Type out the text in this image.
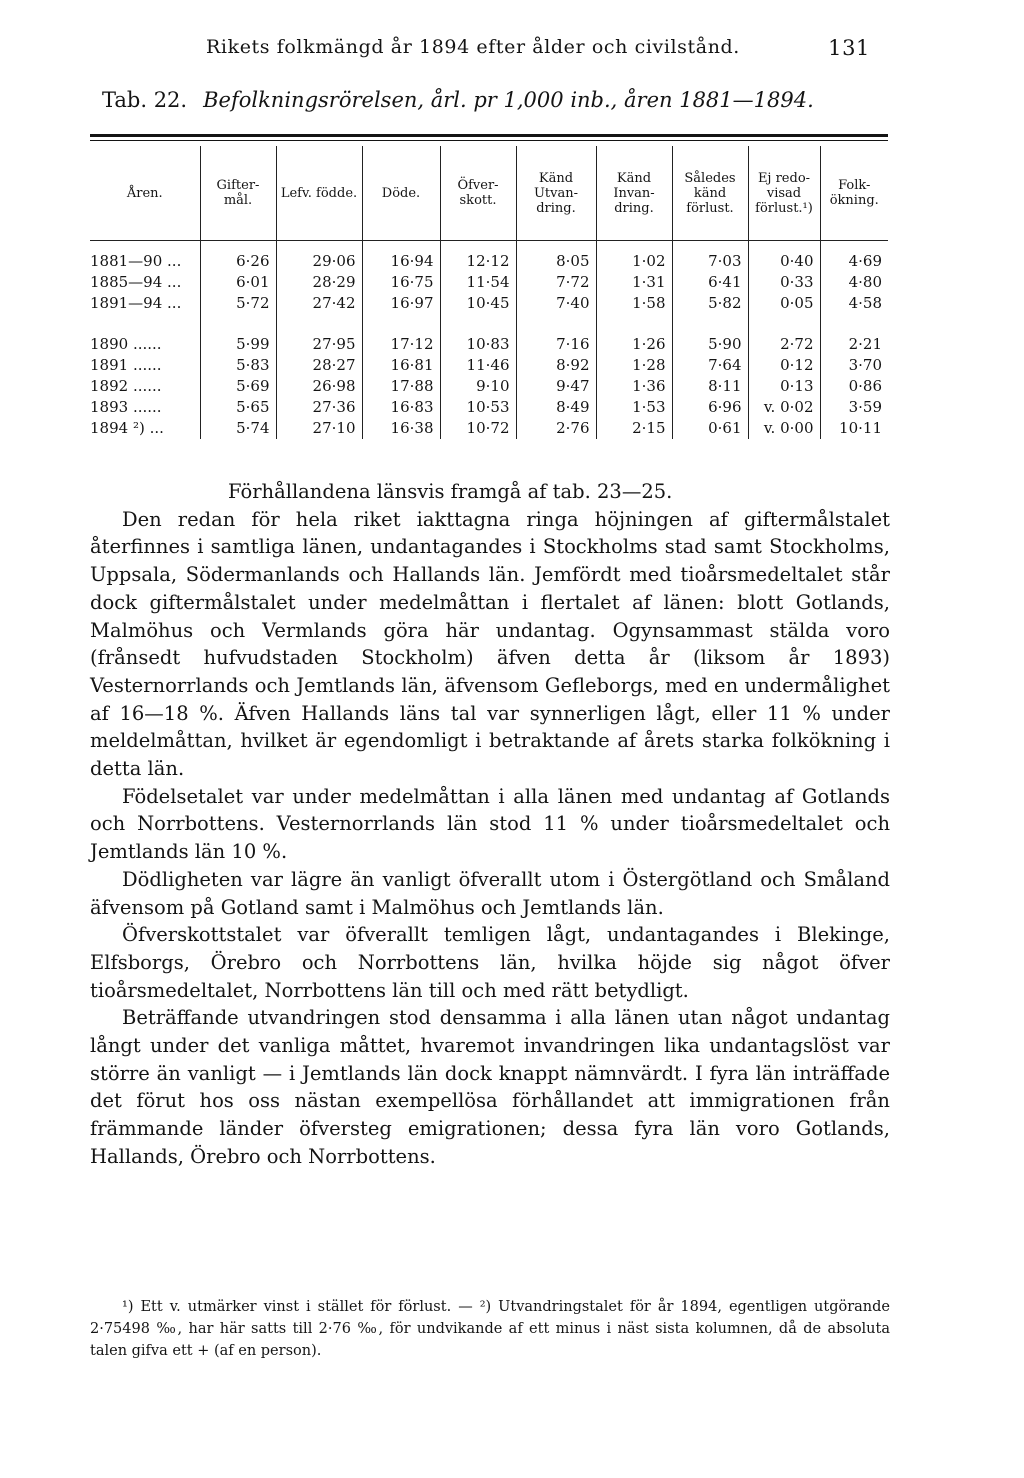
Rikets folkmängd år 1894 efter ålder och civilstånd.	131
Tab. 22. Befolkningsrörelsen, årl. pr 1,000 inb., åren 1881—1894.
Åren.	Gifter-mål.	Lefv. födde.	Döde.	Öfver-skott.	Känd Utvan-dring.	Känd Invan-dring.	Således känd förlust.	Ej redo-visad förlust.¹)	Folk-ökning.

1881—90 ...	6·26	29·06	16·94	12·12	8·05	1·02	7·03	0·40	4·69
1885—94 ...	6·01	28·29	16·75	11·54	7·72	1·31	6·41	0·33	4·80
1891—94 ...	5·72	27·42	16·97	10·45	7·40	1·58	5·82	0·05	4·58

1890 ......	5·99	27·95	17·12	10·83	7·16	1·26	5·90	2·72	2·21
1891 ......	5·83	28·27	16·81	11·46	8·92	1·28	7·64	0·12	3·70
1892 ......	5·69	26·98	17·88	9·10	9·47	1·36	8·11	0·13	0·86
1893 ......	5·65	27·36	16·83	10·53	8·49	1·53	6·96	v. 0·02	3·59
1894 ²) ...	5·74	27·10	16·38	10·72	2·76	2·15	0·61	v. 0·00	10·11

Förhållandena länsvis framgå af tab. 23—25.

Den redan för hela riket iakttagna ringa höjningen af giftermålstalet återfinnes i samtliga länen, undantagandes i Stockholms stad samt Stockholms, Uppsala, Södermanlands och Hallands län. Jemfördt med tioårsmedeltalet står dock giftermålstalet under medelmåttan i flertalet af länen: blott Gotlands, Malmöhus och Vermlands göra här undantag. Ogynsammast stälda voro (frånsedt hufvudstaden Stockholm) äfven detta år (liksom år 1893) Vesternorrlands och Jemtlands län, äfvensom Gefleborgs, med en undermålighet af 16—18 %. Äfven Hallands läns tal var synnerligen lågt, eller 11 % under meldelmåttan, hvilket är egendomligt i betraktande af årets starka folkökning i detta län.

Födelsetalet var under medelmåttan i alla länen med undantag af Gotlands och Norrbottens. Vesternorrlands län stod 11 % under tioårsmedeltalet och Jemtlands län 10 %.

Dödligheten var lägre än vanligt öfverallt utom i Östergötland och Småland äfvensom på Gotland samt i Malmöhus och Jemtlands län.

Öfverskottstalet var öfverallt temligen lågt, undantagandes i Blekinge, Elfsborgs, Örebro och Norrbottens län, hvilka höjde sig något öfver tioårsmedeltalet, Norrbottens län till och med rätt betydligt.

Beträffande utvandringen stod densamma i alla länen utan något undantag långt under det vanliga måttet, hvaremot invandringen lika undantagslöst var större än vanligt — i Jemtlands län dock knappt nämnvärdt. I fyra län inträffade det förut hos oss nästan exempellösa förhållandet att immigrationen från främmande länder öfversteg emigrationen; dessa fyra län voro Gotlands, Hallands, Örebro och Norrbottens.

¹) Ett v. utmärker vinst i stället för förlust. — ²) Utvandringstalet för år 1894, egentligen utgörande 2·75498 ‰, har här satts till 2·76 ‰, för undvikande af ett minus i näst sista kolumnen, då de absoluta talen gifva ett + (af en person).
